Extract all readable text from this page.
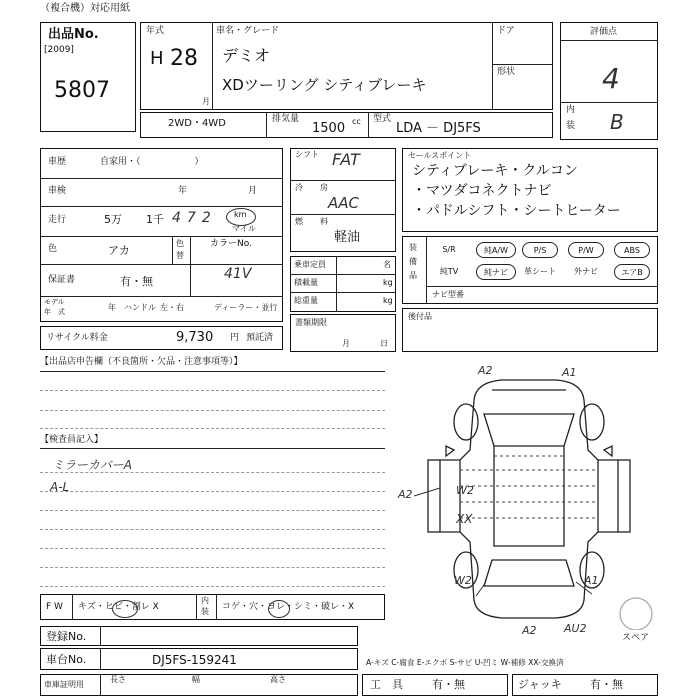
（複合機）対応用紙
出品No.
[2009]
5807
年式
H 28
月
車名・グレード
デミオ
XDツーリング シティブレーキ
ドア
形状
2WD・4WD	排気量
1500 cc 型式
LDA － DJ5FS
評価点
4
内
装 B
車歴	自家用・（　　　　　　）
車検	年	月
走行	5万 1千 472 km
マイル
色	アカ
色
替
カラーNo.
41V
保証書	有・無
モデル
年　式	年 ハンドル 左・右	ディーラー・並行
リサイクル料金	9,730 円 預託済
シフト FAT
冷 房
AAC
燃 料
軽油
乗車定員	名
積載量	kg
総重量	kg
書類期限
月	日
セールスポイント
シティブレーキ・クルコン
・マツダコネクトナビ
・パドルシフト・シートヒーター
装
備
品
S/R	純A/W	P/S	P/W	ABS
純TV	純ナビ	革シート	外ナビ	エアB
ナビ型番
後付品
【出品店申告欄（不良箇所・欠品・注意事項等）】
【検査員記入】
ミラーカバーA
A-L
A2	A1
A2	W2
XX
W2	A1
A2 AU2
スペア
F W キズ・ヒビ・割レ X
内
装 コゲ・穴・ヨレ・シミ・破レ・X
登録No.
車台No.	DJ5FS-159241	A-キズ C-腐食 E-エクボ S-サビ U-凹ミ W-補修 XX-交換済
車庫証明用
長さ	幅	高さ	工　具	有・無	ジャッキ	有・無
